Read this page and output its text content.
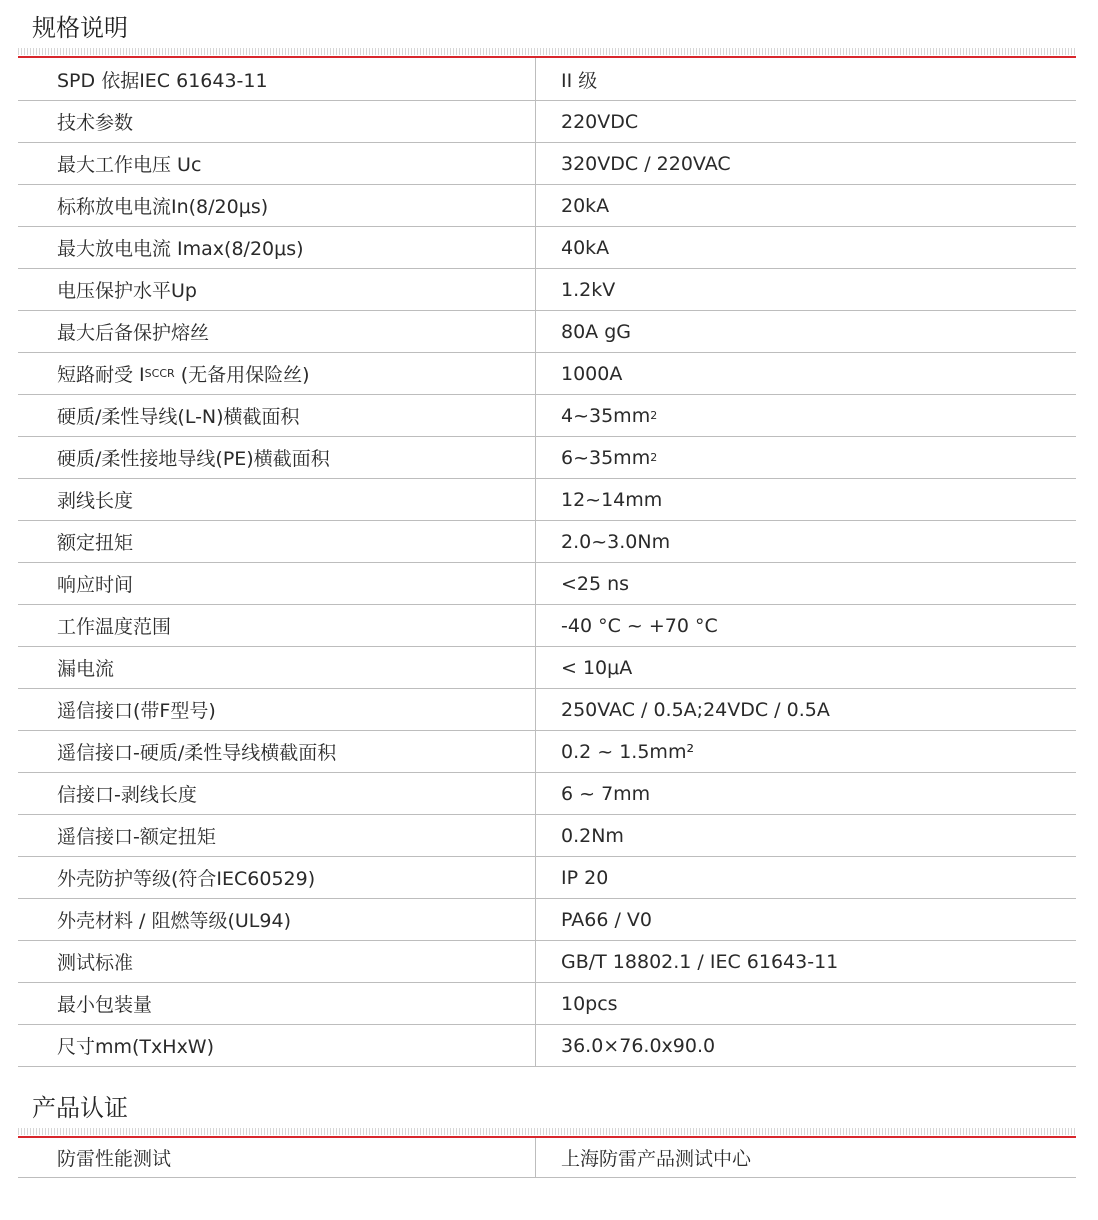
规格说明
SPD 依据IEC 61643-11	II 级
技术参数	220VDC
最大工作电压 Uc	320VDC / 220VAC
标称放电电流In(8/20μs)	20kA
最大放电电流 Imax(8/20μs)	40kA
电压保护水平Up	1.2kV
最大后备保护熔丝	80A gG
短路耐受 I SCCR (无备用保险丝)	1000A
硬质/柔性导线(L-N)横截面积	4~35mm 2
硬质/柔性接地导线(PE)横截面积	6~35mm 2
剥线长度	12~14mm
额定扭矩	2.0~3.0Nm
响应时间	<25 ns
工作温度范围	-40 °C ~ +70 °C
漏电流	< 10μA
遥信接口(带F型号)	250VAC / 0.5A;24VDC / 0.5A
遥信接口-硬质/柔性导线横截面积	0.2 ~ 1.5mm²
信接口-剥线长度	6 ~ 7mm
遥信接口-额定扭矩	0.2Nm
外壳防护等级(符合IEC60529)	IP 20
外壳材料 / 阻燃等级(UL94)	PA66 / V0
测试标准	GB/T 18802.1 / IEC 61643-11
最小包装量	10pcs
尺寸mm(TxHxW)	36.0×76.0x90.0
产品认证
防雷性能测试	上海防雷产品测试中心
